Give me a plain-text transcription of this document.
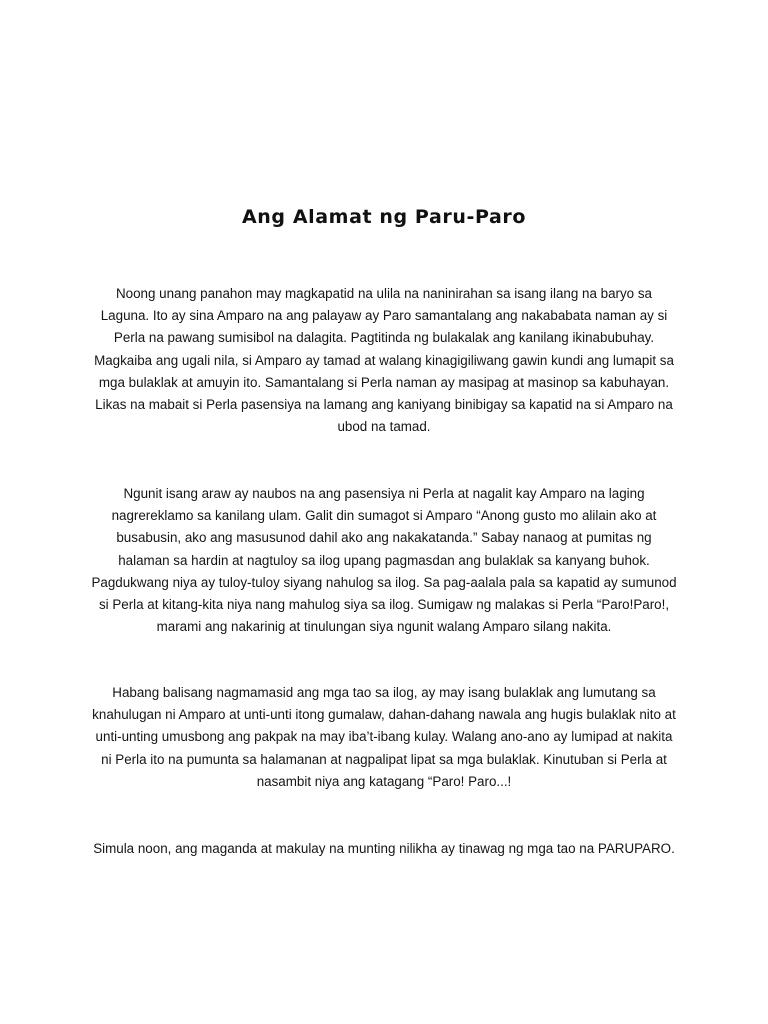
Ang Alamat ng Paru-Paro

Noong unang panahon may magkapatid na ulila na naninirahan sa isang ilang na baryo sa Laguna. Ito ay sina Amparo na ang palayaw ay Paro samantalang ang nakababata naman ay si Perla na pawang sumisibol na dalagita. Pagtitinda ng bulakalak ang kanilang ikinabubuhay. Magkaiba ang ugali nila, si Amparo ay tamad at walang kinagigiliwang gawin kundi ang lumapit sa mga bulaklak at amuyin ito. Samantalang si Perla naman ay masipag at masinop sa kabuhayan. Likas na mabait si Perla pasensiya na lamang ang kaniyang binibigay sa kapatid na si Amparo na ubod na tamad.

Ngunit isang araw ay naubos na ang pasensiya ni Perla at nagalit kay Amparo na laging nagrereklamo sa kanilang ulam. Galit din sumagot si Amparo “Anong gusto mo alilain ako at busabusin, ako ang masusunod dahil ako ang nakakatanda.” Sabay nanaog at pumitas ng halaman sa hardin at nagtuloy sa ilog upang pagmasdan ang bulaklak sa kanyang buhok. Pagdukwang niya ay tuloy-tuloy siyang nahulog sa ilog. Sa pag-aalala pala sa kapatid ay sumunod si Perla at kitang-kita niya nang mahulog siya sa ilog. Sumigaw ng malakas si Perla “Paro!Paro!, marami ang nakarinig at tinulungan siya ngunit walang Amparo silang nakita.

Habang balisang nagmamasid ang mga tao sa ilog, ay may isang bulaklak ang lumutang sa knahulugan ni Amparo at unti-unti itong gumalaw, dahan-dahang nawala ang hugis bulaklak nito at unti-unting umusbong ang pakpak na may iba’t-ibang kulay. Walang ano-ano ay lumipad at nakita ni Perla ito na pumunta sa halamanan at nagpalipat lipat sa mga bulaklak. Kinutuban si Perla at nasambit niya ang katagang “Paro! Paro...!

Simula noon, ang maganda at makulay na munting nilikha ay tinawag ng mga tao na PARUPARO.
